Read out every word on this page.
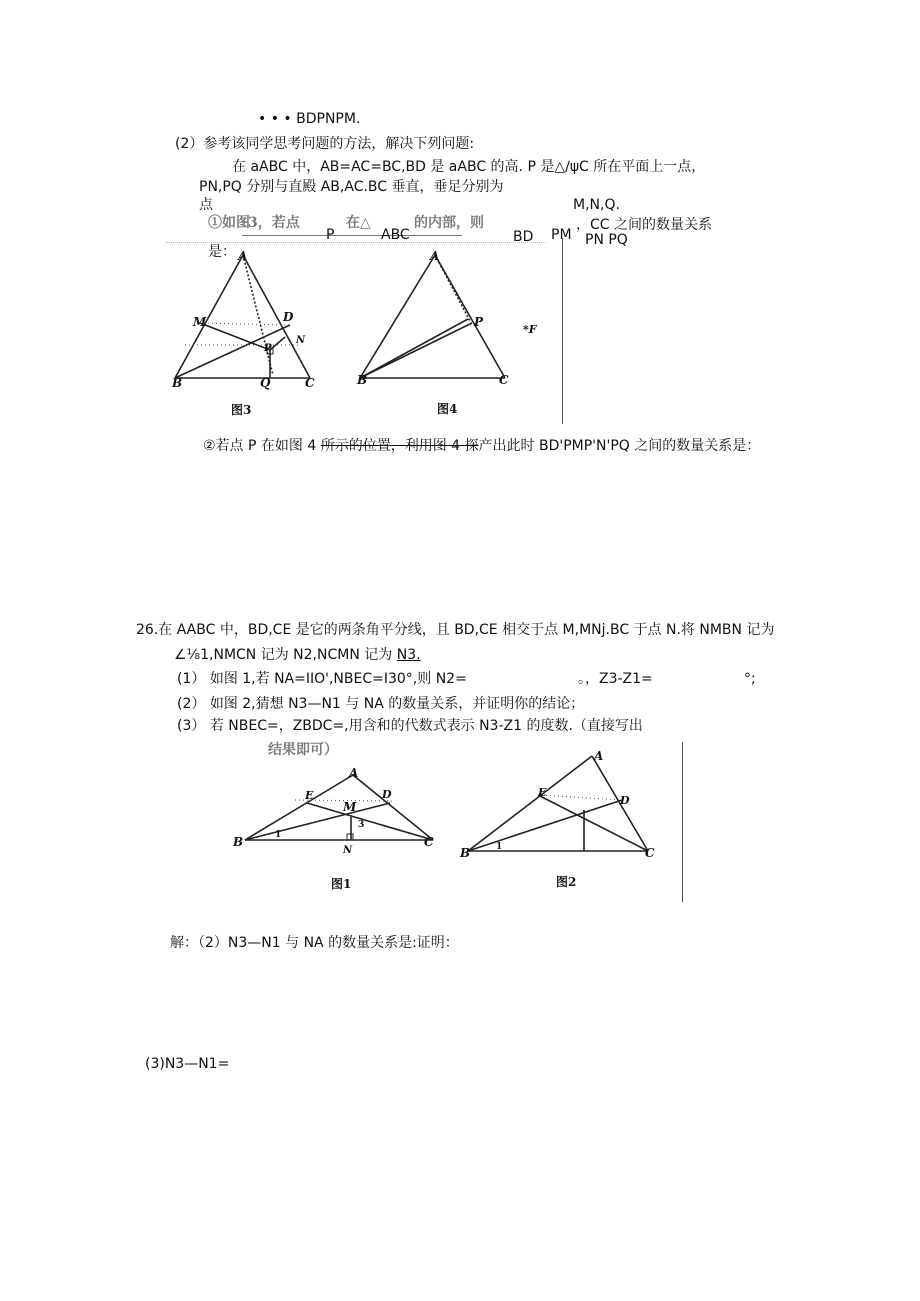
• • • BDPNPM.
(2）参考该同学思考问题的方法，解决下列问题:
在 aABC 中，AB=AC=BC,BD 是 aABC 的高. P 是△∕ψC 所在平面上一点，
PN,PQ 分别与直殿 AB,AC.BC 垂直，垂足分别为
点	M,N,Q.
①如图
3，若点	在△	的内部，则
P	ABC	BD PM
，CC 之间的数量关系
PN PQ
是： A
M	D
B	Q	C
P
N
图3
A
P
B	C
*F
图4
②若点 P 在如图 4 所示的位置，利用图 4 探产出此时 BD'PMP'N'PQ 之间的数量关系是：
26.在 AABC 中，BD,CE 是它的两条角平分线，且 BD,CE 相交于点 M,MNj.BC 于点 N.将 NMBN 记为
∠⅛1,NMCN 记为 N2,NCMN 记为 N3.
(1） 如图 1,若 NA=IIO',NBEC=I30°,则 N2=	。，Z3-Z1=	°;
(2） 如图 2,猜想 N3—N1 与 NA 的数量关系，并证明你的结论；
(3） 若 NBEC=，ZBDC=,用含和的代数式表示 N3-Z1 的度数.（直接写出
结果即可）
A
E
M
D
B
N
C
1
3
图1
A
E
D
B	C
1
图2
解：（2）N3—N1 与 NA 的数量关系是:证明：
(3)N3—N1=
